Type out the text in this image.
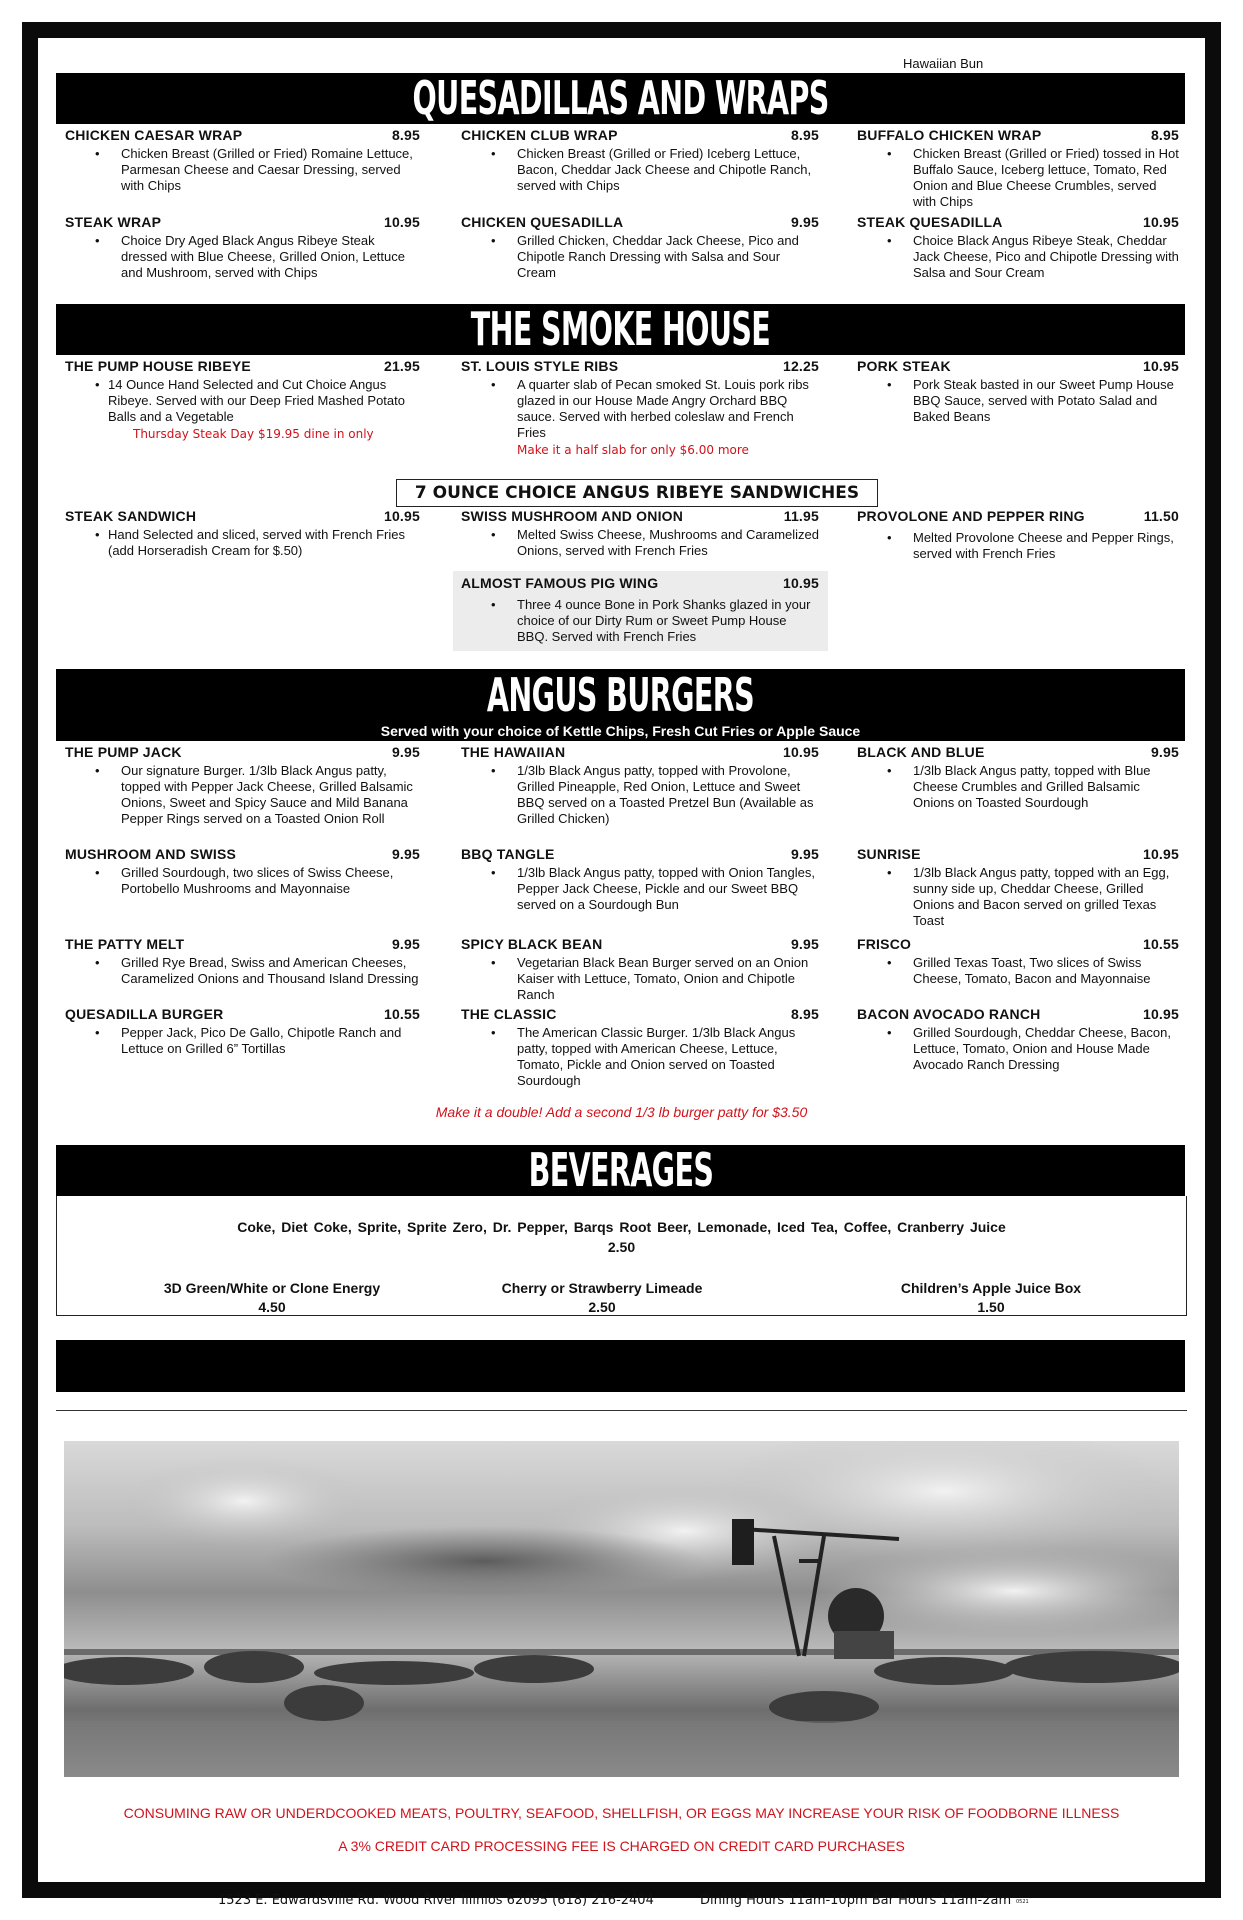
Hawaiian Bun
QUESADILLAS AND WRAPS
CHICKEN CAESAR WRAP	8.95
• Chicken Breast (Grilled or Fried) Romaine Lettuce, Parmesan Cheese and Caesar Dressing, served with Chips
CHICKEN CLUB WRAP	8.95
• Chicken Breast (Grilled or Fried) Iceberg Lettuce, Bacon, Cheddar Jack Cheese and Chipotle Ranch, served with Chips
BUFFALO CHICKEN WRAP	8.95
• Chicken Breast (Grilled or Fried) tossed in Hot Buffalo Sauce, Iceberg lettuce, Tomato, Red Onion and Blue Cheese Crumbles, served with Chips
STEAK WRAP	10.95
• Choice Dry Aged Black Angus Ribeye Steak dressed with Blue Cheese, Grilled Onion, Lettuce and Mushroom, served with Chips
CHICKEN QUESADILLA	9.95
• Grilled Chicken, Cheddar Jack Cheese, Pico and Chipotle Ranch Dressing with Salsa and Sour Cream
STEAK QUESADILLA	10.95
• Choice Black Angus Ribeye Steak, Cheddar Jack Cheese, Pico and Chipotle Dressing with Salsa and Sour Cream
THE SMOKE HOUSE
THE PUMP HOUSE RIBEYE	21.95
• 14 Ounce Hand Selected and Cut Choice Angus Ribeye. Served with our Deep Fried Mashed Potato Balls and a Vegetable
Thursday Steak Day $19.95 dine in only
ST. LOUIS STYLE RIBS	12.25
• A quarter slab of Pecan smoked St. Louis pork ribs glazed in our House Made Angry Orchard BBQ sauce. Served with herbed coleslaw and French Fries
Make it a half slab for only $6.00 more
PORK STEAK	10.95
• Pork Steak basted in our Sweet Pump House BBQ Sauce, served with Potato Salad and Baked Beans
7 OUNCE CHOICE ANGUS RIBEYE SANDWICHES
STEAK SANDWICH	10.95
• Hand Selected and sliced, served with French Fries (add Horseradish Cream for $.50)
SWISS MUSHROOM AND ONION	11.95
• Melted Swiss Cheese, Mushrooms and Caramelized Onions, served with French Fries
PROVOLONE AND PEPPER RING	11.50
• Melted Provolone Cheese and Pepper Rings, served with French Fries
ALMOST FAMOUS PIG WING	10.95
• Three 4 ounce Bone in Pork Shanks glazed in your choice of our Dirty Rum or Sweet Pump House BBQ. Served with French Fries
ANGUS BURGERS
Served with your choice of Kettle Chips, Fresh Cut Fries or Apple Sauce
THE PUMP JACK	9.95
• Our signature Burger. 1/3lb Black Angus patty, topped with Pepper Jack Cheese, Grilled Balsamic Onions, Sweet and Spicy Sauce and Mild Banana Pepper Rings served on a Toasted Onion Roll
THE HAWAIIAN	10.95
• 1/3lb Black Angus patty, topped with Provolone, Grilled Pineapple, Red Onion, Lettuce and Sweet BBQ served on a Toasted Pretzel Bun (Available as Grilled Chicken)
BLACK AND BLUE	9.95
• 1/3lb Black Angus patty, topped with Blue Cheese Crumbles and Grilled Balsamic Onions on Toasted Sourdough
MUSHROOM AND SWISS	9.95
• Grilled Sourdough, two slices of Swiss Cheese, Portobello Mushrooms and Mayonnaise
BBQ TANGLE	9.95
• 1/3lb Black Angus patty, topped with Onion Tangles, Pepper Jack Cheese, Pickle and our Sweet BBQ served on a Sourdough Bun
SUNRISE	10.95
• 1/3lb Black Angus patty, topped with an Egg, sunny side up, Cheddar Cheese, Grilled Onions and Bacon served on grilled Texas Toast
THE PATTY MELT	9.95
• Grilled Rye Bread, Swiss and American Cheeses, Caramelized Onions and Thousand Island Dressing
SPICY BLACK BEAN	9.95
• Vegetarian Black Bean Burger served on an Onion Kaiser with Lettuce, Tomato, Onion and Chipotle Ranch
FRISCO	10.55
• Grilled Texas Toast, Two slices of Swiss Cheese, Tomato, Bacon and Mayonnaise
QUESADILLA BURGER	10.55
• Pepper Jack, Pico De Gallo, Chipotle Ranch and Lettuce on Grilled 6” Tortillas
THE CLASSIC	8.95
• The American Classic Burger. 1/3lb Black Angus patty, topped with American Cheese, Lettuce, Tomato, Pickle and Onion served on Toasted Sourdough
BACON AVOCADO RANCH	10.95
• Grilled Sourdough, Cheddar Cheese, Bacon, Lettuce, Tomato, Onion and House Made Avocado Ranch Dressing
Make it a double! Add a second 1/3 lb burger patty for $3.50
BEVERAGES
Coke, Diet Coke, Sprite, Sprite Zero, Dr. Pepper, Barqs Root Beer, Lemonade, Iced Tea, Coffee, Cranberry Juice
2.50
3D Green/White or Clone Energy
4.50
Cherry or Strawberry Limeade
2.50
Children’s Apple Juice Box
1.50
CONSUMING RAW OR UNDERDCOOKED MEATS, POULTRY, SEAFOOD, SHELLFISH, OR EGGS MAY INCREASE YOUR RISK OF FOODBORNE ILLNESS
A 3% CREDIT CARD PROCESSING FEE IS CHARGED ON CREDIT CARD PURCHASES
1523 E. Edwardsville Rd. Wood River Illinios 62095 (618) 216-2404	Dining Hours 11am-10pm Bar Hours 11am-2am 0521
